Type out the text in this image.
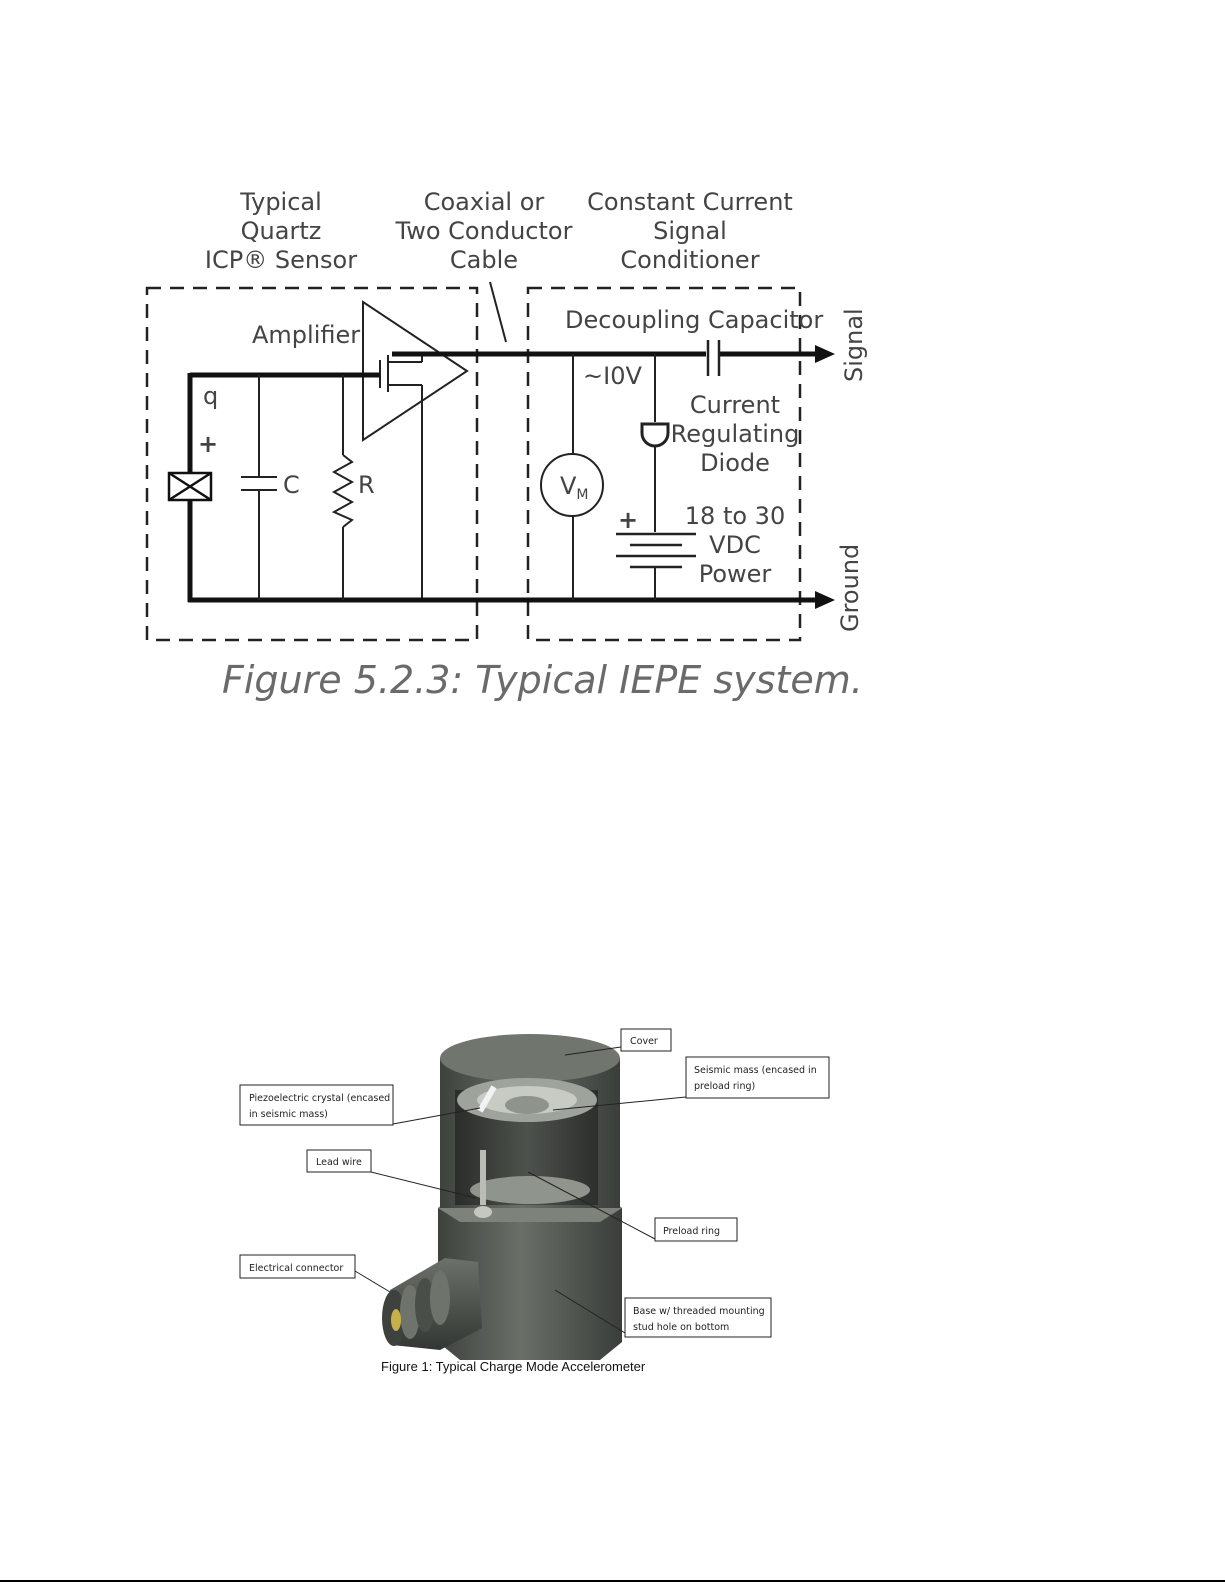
Typical
Quartz
ICP® Sensor
Coaxial or
Two Conductor
Cable
Constant Current
Signal
Conditioner
Amplifier
q
+
C R
Decoupling Capacitor Signal
Ground
~I0V
$V_M$
Current
Regulating
Diode
+ 18 to 30
VDC
Power
Figure 5.2.3: Typical IEPE system.
Cover
Seismic mass (encased in
preload ring)
Piezoelectric crystal (encased
in seismic mass)
Lead wire
Preload ring
Electrical connector
Base w/ threaded mounting
stud hole on bottom
Figure 1: Typical Charge Mode Accelerometer
